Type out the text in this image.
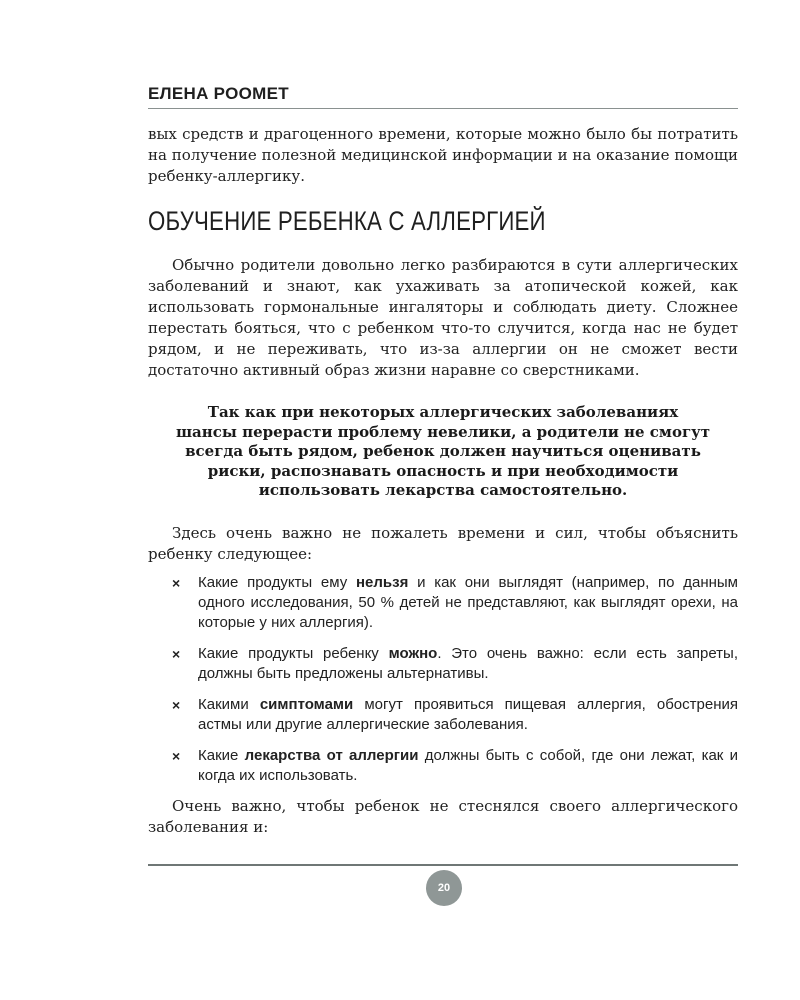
ЕЛЕНА РООМЕТ

вых средств и драгоценного времени, которые можно было бы потратить на получение полезной медицинской информации и на оказание помощи ребенку-аллергику.

ОБУЧЕНИЕ РЕБЕНКА С АЛЛЕРГИЕЙ

Обычно родители довольно легко разбираются в сути аллергических заболеваний и знают, как ухаживать за атопической кожей, как использовать гормональные ингаляторы и соблюдать диету. Сложнее перестать бояться, что с ребенком что-то случится, когда нас не будет рядом, и не переживать, что из-за аллергии он не сможет вести достаточно активный образ жизни наравне со сверстниками.

Так как при некоторых аллергических заболеваниях
шансы перерасти проблему невелики, а родители не смогут
всегда быть рядом, ребенок должен научиться оценивать
риски, распознавать опасность и при необходимости
использовать лекарства самостоятельно.

Здесь очень важно не пожалеть времени и сил, чтобы объяснить ребенку следующее:

× Какие продукты ему нельзя и как они выглядят (например, по данным одного исследования, 50 % детей не представляют, как выглядят орехи, на которые у них аллергия).
× Какие продукты ребенку можно. Это очень важно: если есть запреты, должны быть предложены альтернативы.
× Какими симптомами могут проявиться пищевая аллергия, обострения астмы или другие аллергические заболевания.
× Какие лекарства от аллергии должны быть с собой, где они лежат, как и когда их использовать.

Очень важно, чтобы ребенок не стеснялся своего аллергического заболевания и:

20
